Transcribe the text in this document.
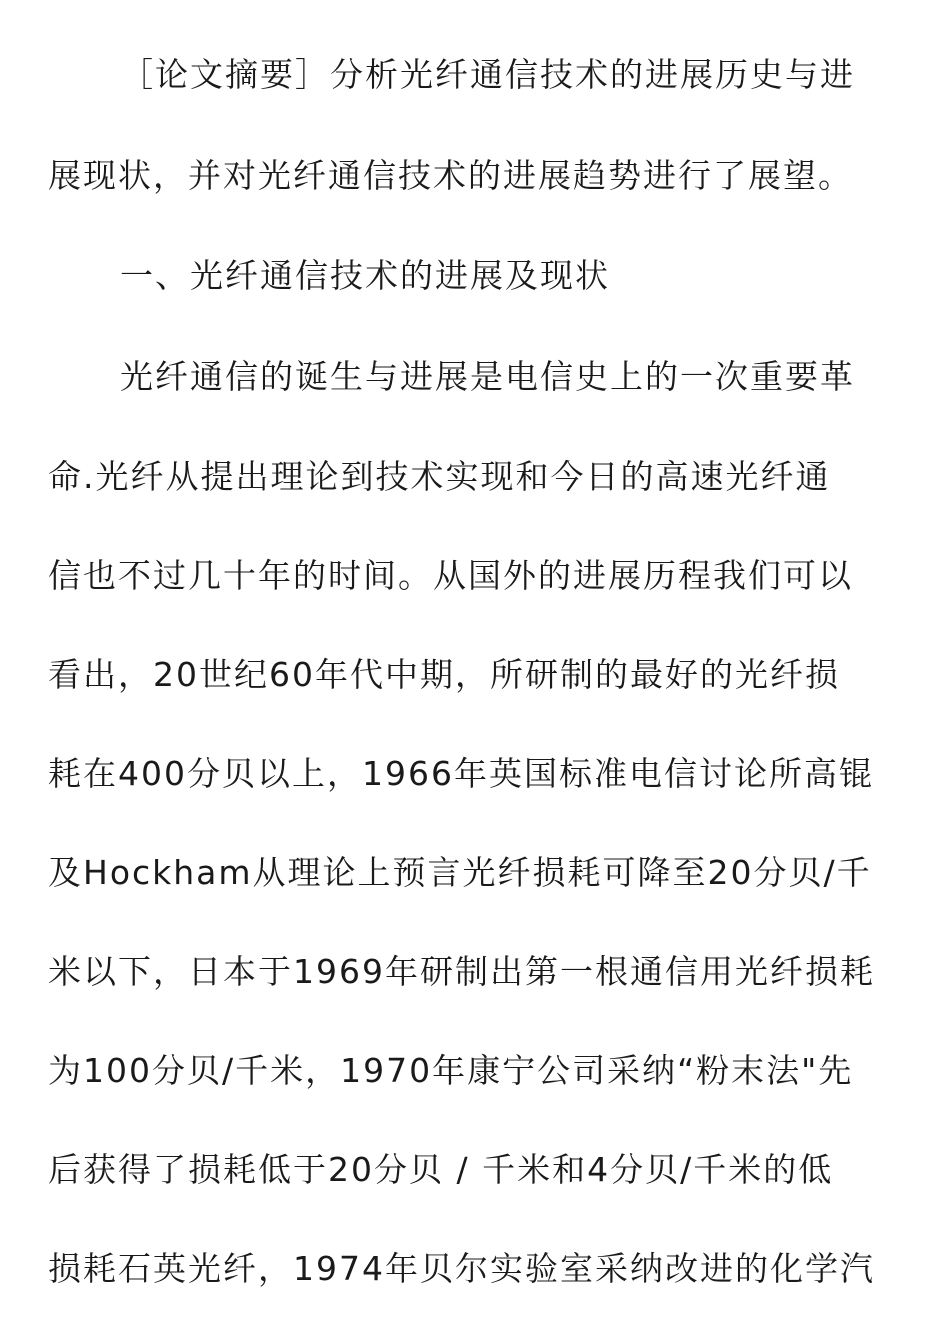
［论文摘要］分析光纤通信技术的进展历史与进
展现状，并对光纤通信技术的进展趋势进行了展望。
一、光纤通信技术的进展及现状
光纤通信的诞生与进展是电信史上的一次重要革
命.光纤从提出理论到技术实现和今日的高速光纤通
信也不过几十年的时间。从国外的进展历程我们可以
看出，20世纪60年代中期，所研制的最好的光纤损
耗在400分贝以上，1966年英国标准电信讨论所高锟
及Hockham从理论上预言光纤损耗可降至20分贝/千
米以下，日本于1969年研制出第一根通信用光纤损耗
为100分贝/千米，1970年康宁公司采纳“粉末法"先
后获得了损耗低于20分贝 / 千米和4分贝/千米的低
损耗石英光纤，1974年贝尔实验室采纳改进的化学汽
